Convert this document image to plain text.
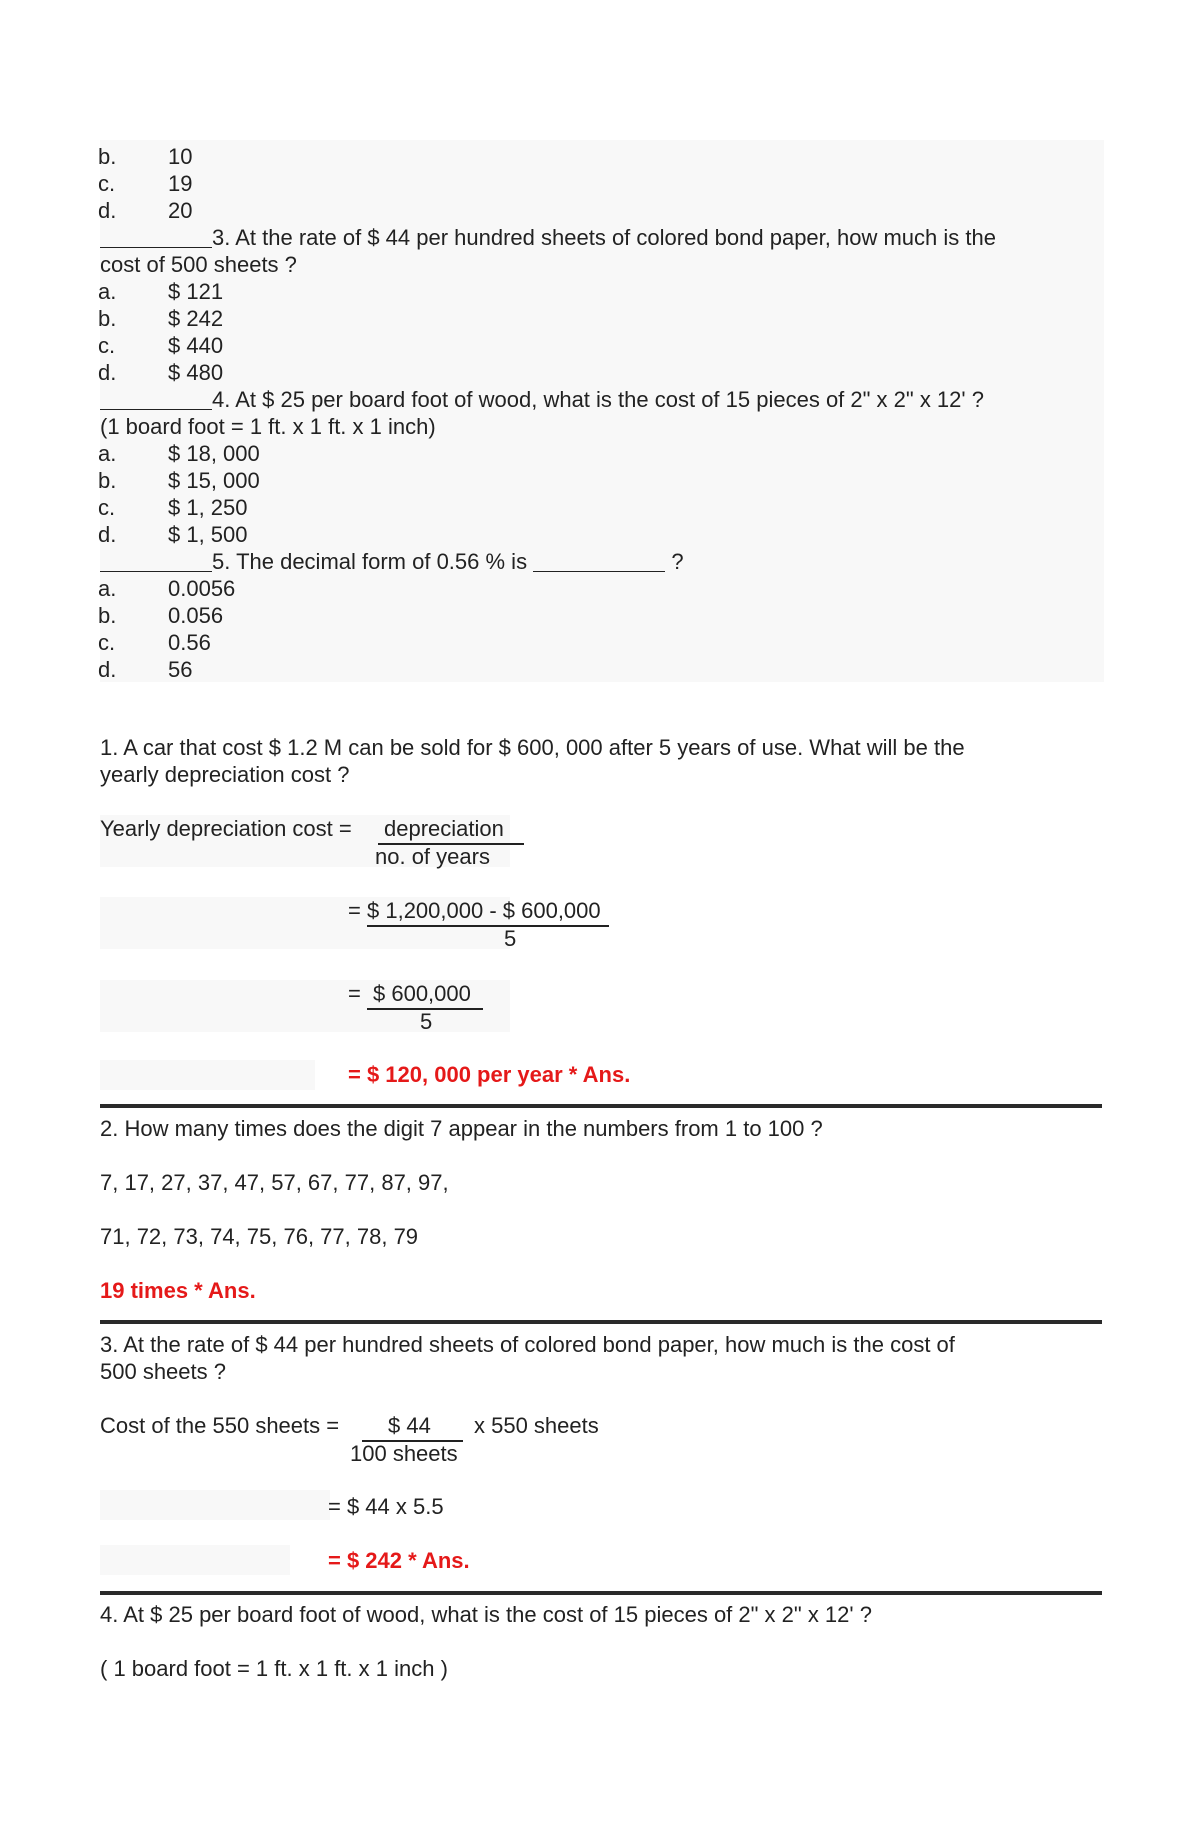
b.	10
c.	19
d.	20
3. At the rate of $ 44 per hundred sheets of colored bond paper, how much is the
cost of 500 sheets ?
a.	$ 121
b.	$ 242
c.	$ 440
d.	$ 480
4. At $ 25 per board foot of wood, what is the cost of 15 pieces of 2" x 2" x 12' ?
(1 board foot = 1 ft. x 1 ft. x 1 inch)
a.	$ 18, 000
b.	$ 15, 000
c.	$ 1, 250
d.	$ 1, 500
5. The decimal form of 0.56 % is	?
a.	0.0056
b.	0.056
c.	0.56
d.	56
1. A car that cost $ 1.2 M can be sold for $ 600, 000 after 5 years of use. What will be the
yearly depreciation cost ?
Yearly depreciation cost = depreciation
no. of years
= $ 1,200,000 - $ 600,000
5
= $ 600,000
5
= $ 120, 000 per year * Ans.
2. How many times does the digit 7 appear in the numbers from 1 to 100 ?
7, 17, 27, 37, 47, 57, 67, 77, 87, 97,
71, 72, 73, 74, 75, 76, 77, 78, 79
19 times * Ans.
3. At the rate of $ 44 per hundred sheets of colored bond paper, how much is the cost of
500 sheets ?
Cost of the 550 sheets =	$ 44
100 sheets
x 550 sheets
= $ 44 x 5.5
= $ 242 * Ans.
4. At $ 25 per board foot of wood, what is the cost of 15 pieces of 2" x 2" x 12' ?
( 1 board foot = 1 ft. x 1 ft. x 1 inch )
